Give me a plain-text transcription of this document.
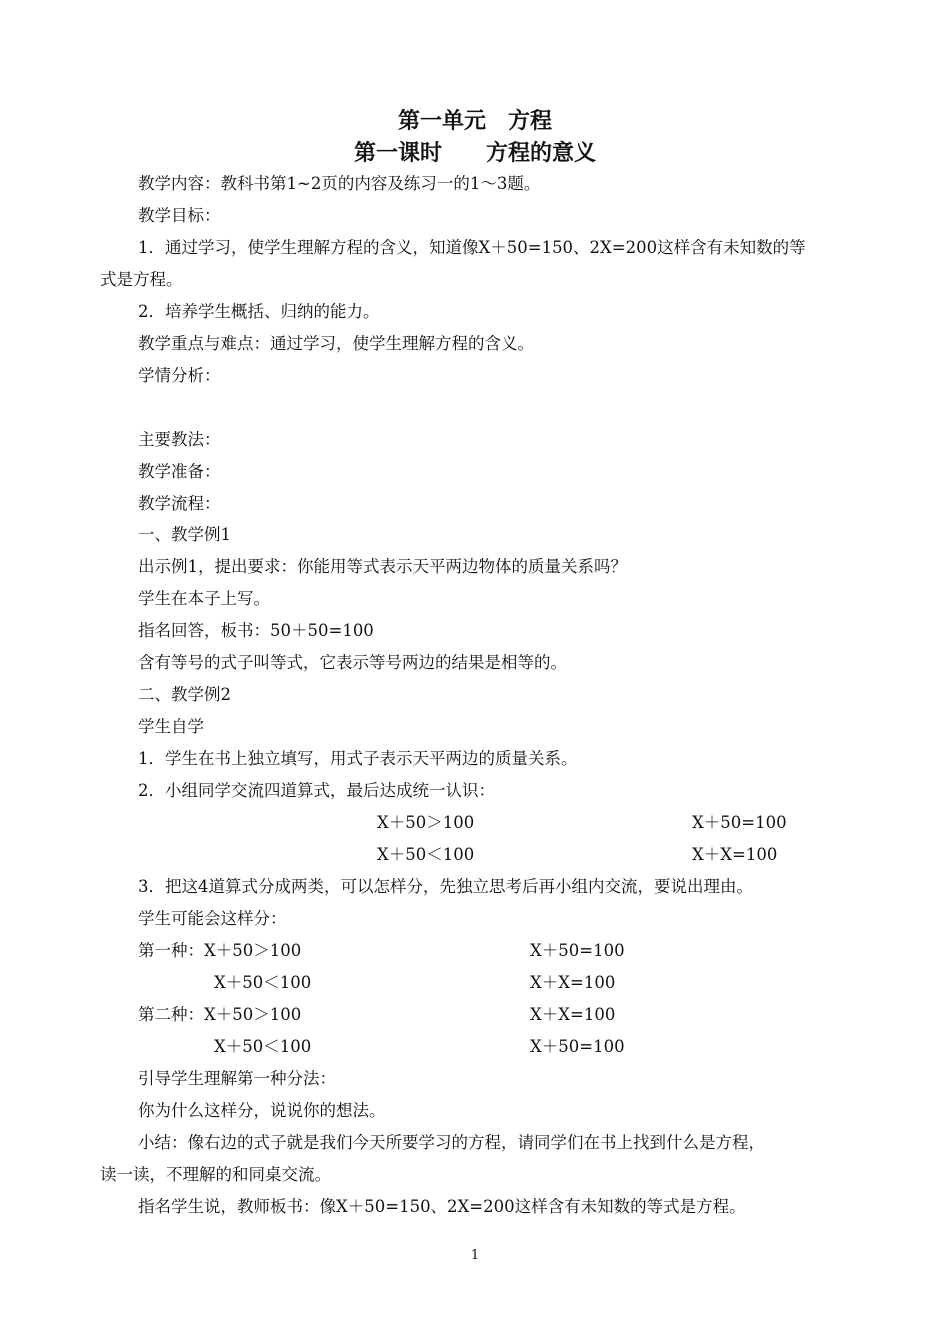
第一单元　方程
第一课时　　方程的意义
教学内容：教科书第1~2页的内容及练习一的1～3题。
教学目标：
1．通过学习，使学生理解方程的含义，知道像X＋50=150、2X=200这样含有未知数的等
式是方程。
2．培养学生概括、归纳的能力。
教学重点与难点：通过学习，使学生理解方程的含义。
学情分析：
主要教法：
教学准备：
教学流程：
一、教学例1
出示例1，提出要求：你能用等式表示天平两边物体的质量关系吗？
学生在本子上写。
指名回答，板书：50＋50=100
含有等号的式子叫等式，它表示等号两边的结果是相等的。
二、教学例2
学生自学
1．学生在书上独立填写，用式子表示天平两边的质量关系。
2．小组同学交流四道算式，最后达成统一认识：
X＋50＞100	X＋50=100
X＋50＜100	X＋X=100
3．把这4道算式分成两类，可以怎样分，先独立思考后再小组内交流，要说出理由。
学生可能会这样分：
第一种：X＋50＞100	X＋50=100
X＋50＜100	X＋X=100
第二种：X＋50＞100	X＋X=100
X＋50＜100	X＋50=100
引导学生理解第一种分法：
你为什么这样分，说说你的想法。
小结：像右边的式子就是我们今天所要学习的方程，请同学们在书上找到什么是方程，
读一读，不理解的和同桌交流。
指名学生说，教师板书：像X＋50=150、2X=200这样含有未知数的等式是方程。
1
